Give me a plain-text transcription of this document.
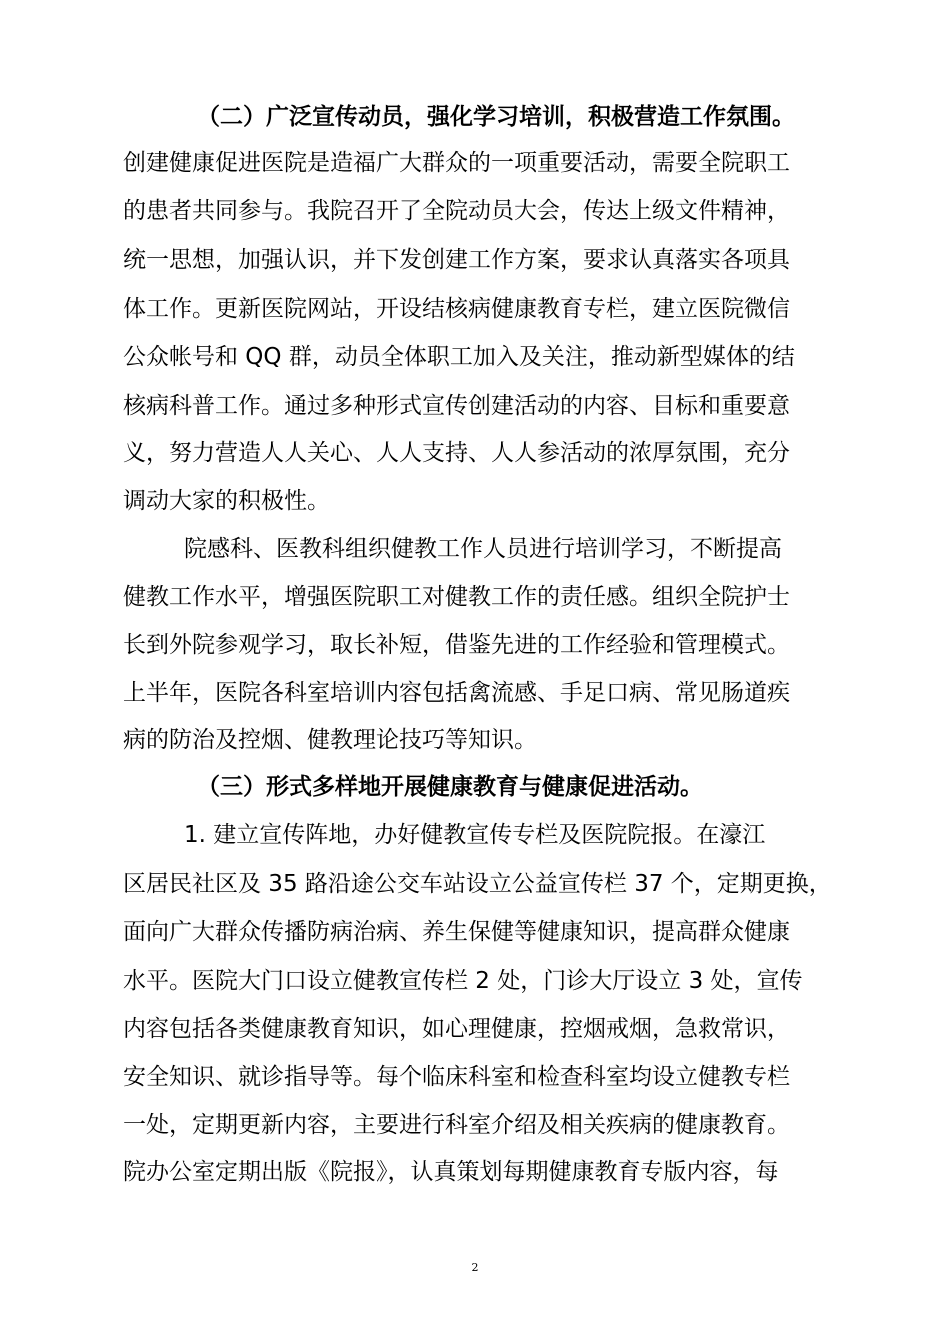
（二）广泛宣传动员，强化学习培训，积极营造工作氛围。
创建健康促进医院是造福广大群众的一项重要活动，需要全院职工
的患者共同参与。我院召开了全院动员大会，传达上级文件精神，
统一思想，加强认识，并下发创建工作方案，要求认真落实各项具
体工作。更新医院网站，开设结核病健康教育专栏，建立医院微信
公众帐号和 QQ 群，动员全体职工加入及关注，推动新型媒体的结
核病科普工作。通过多种形式宣传创建活动的内容、目标和重要意
义，努力营造人人关心、人人支持、人人参活动的浓厚氛围，充分
调动大家的积极性。
院感科、医教科组织健教工作人员进行培训学习，不断提高
健教工作水平，增强医院职工对健教工作的责任感。组织全院护士
长到外院参观学习，取长补短，借鉴先进的工作经验和管理模式。
上半年，医院各科室培训内容包括禽流感、手足口病、常见肠道疾
病的防治及控烟、健教理论技巧等知识。
（三）形式多样地开展健康教育与健康促进活动。
1. 建立宣传阵地，办好健教宣传专栏及医院院报。在濠江
区居民社区及 35 路沿途公交车站设立公益宣传栏 37 个，定期更换，
面向广大群众传播防病治病、养生保健等健康知识，提高群众健康
水平。医院大门口设立健教宣传栏 2 处，门诊大厅设立 3 处，宣传
内容包括各类健康教育知识，如心理健康，控烟戒烟，急救常识，
安全知识、就诊指导等。每个临床科室和检查科室均设立健教专栏
一处，定期更新内容，主要进行科室介绍及相关疾病的健康教育。
院办公室定期出版《院报》，认真策划每期健康教育专版内容，每
2
